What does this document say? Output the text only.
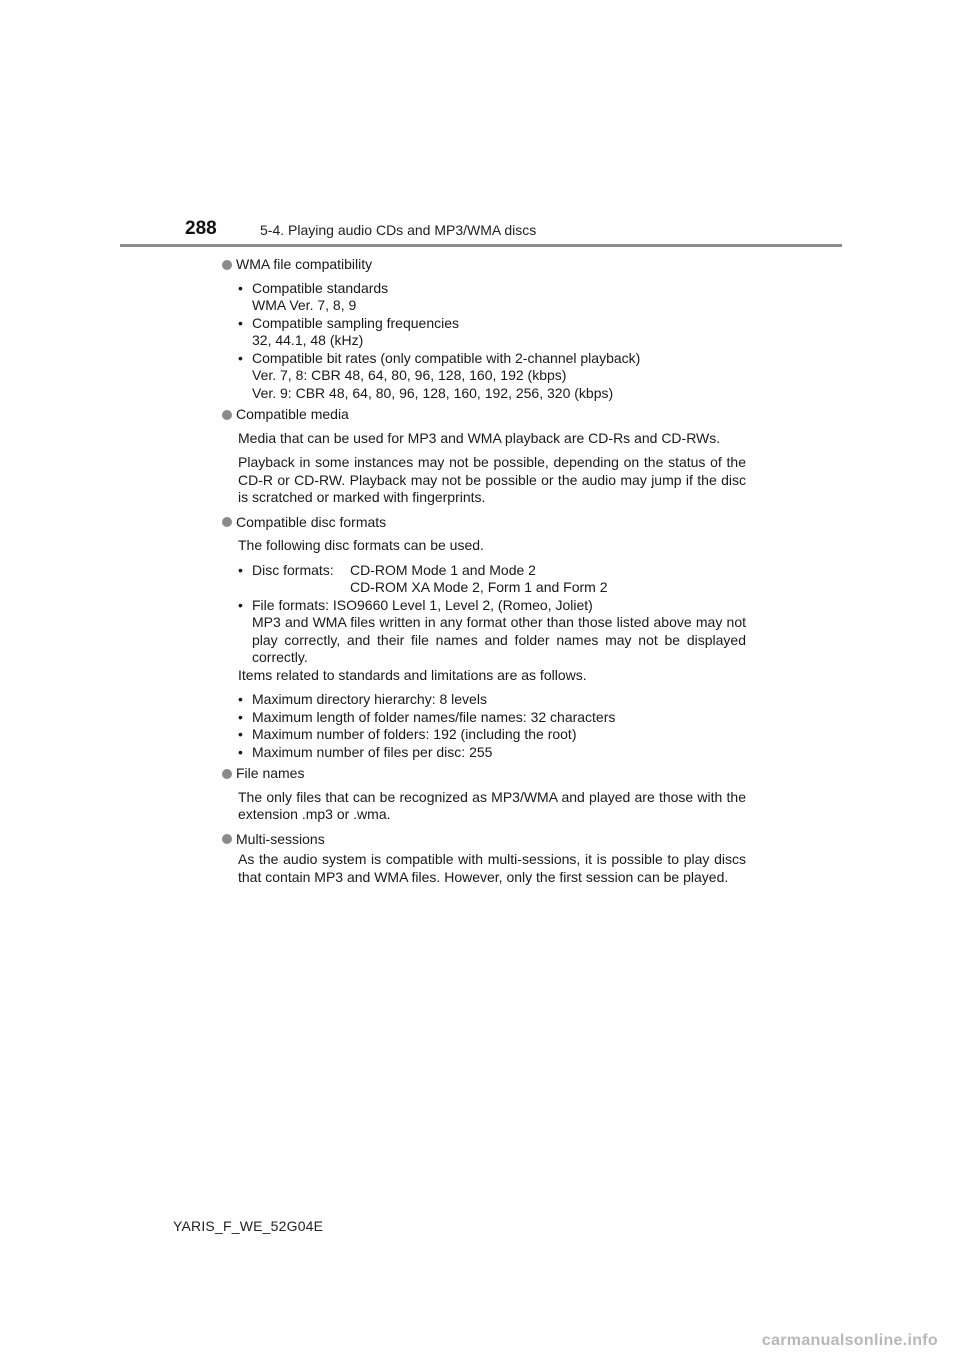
288	5-4. Playing audio CDs and MP3/WMA discs
WMA file compatibility
• Compatible standards
WMA Ver. 7, 8, 9
• Compatible sampling frequencies
32, 44.1, 48 (kHz)
• Compatible bit rates (only compatible with 2-channel playback)
Ver. 7, 8: CBR 48, 64, 80, 96, 128, 160, 192 (kbps)
Ver. 9: CBR 48, 64, 80, 96, 128, 160, 192, 256, 320 (kbps)
Compatible media

Media that can be used for MP3 and WMA playback are CD-Rs and CD-RWs.

Playback in some instances may not be possible, depending on the status of the CD-R or CD-RW. Playback may not be possible or the audio may jump if the disc is scratched or marked with fingerprints.

Compatible disc formats

The following disc formats can be used.

• Disc formats: CD-ROM Mode 1 and Mode 2
CD-ROM XA Mode 2, Form 1 and Form 2
• File formats: ISO9660 Level 1, Level 2, (Romeo, Joliet)
MP3 and WMA files written in any format other than those listed above may not play correctly, and their file names and folder names may not be displayed correctly.

Items related to standards and limitations are as follows.

• Maximum directory hierarchy: 8 levels
• Maximum length of folder names/file names: 32 characters
• Maximum number of folders: 192 (including the root)
• Maximum number of files per disc: 255
File names

The only files that can be recognized as MP3/WMA and played are those with the extension .mp3 or .wma.

Multi-sessions

As the audio system is compatible with multi-sessions, it is possible to play discs that contain MP3 and WMA files. However, only the first session can be played.

YARIS_F_WE_52G04E
carmanualsonline.info
